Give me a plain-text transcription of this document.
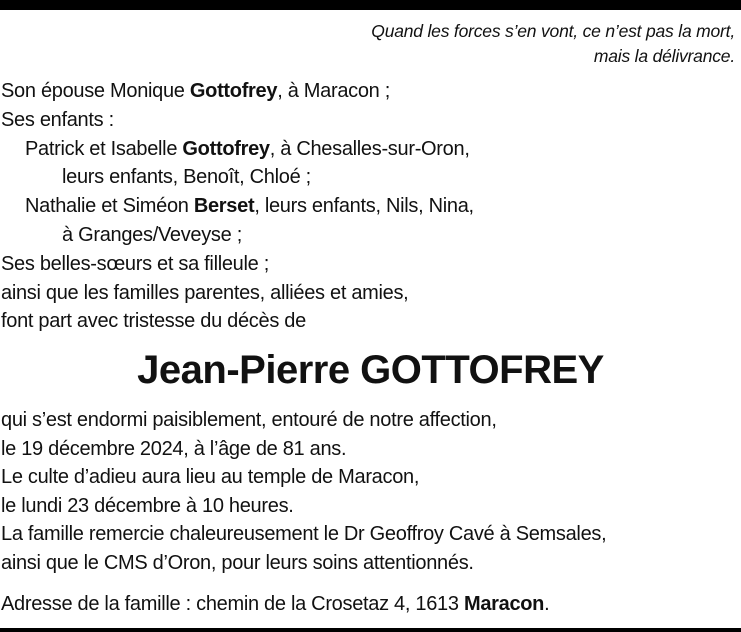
Quand les forces s’en vont, ce n’est pas la mort,
mais la délivrance.
Son épouse Monique Gottofrey, à Maracon ;
Ses enfants :
Patrick et Isabelle Gottofrey, à Chesalles-sur-Oron,
leurs enfants, Benoît, Chloé ;
Nathalie et Siméon Berset, leurs enfants, Nils, Nina,
à Granges/Veveyse ;
Ses belles-sœurs et sa filleule ;
ainsi que les familles parentes, alliées et amies,
font part avec tristesse du décès de
Jean-Pierre GOTTOFREY
qui s’est endormi paisiblement, entouré de notre affection,
le 19 décembre 2024, à l’âge de 81 ans.
Le culte d’adieu aura lieu au temple de Maracon,
le lundi 23 décembre à 10 heures.
La famille remercie chaleureusement le Dr Geoffroy Cavé à Semsales,
ainsi que le CMS d’Oron, pour leurs soins attentionnés.
Adresse de la famille : chemin de la Crosetaz 4, 1613 Maracon.
